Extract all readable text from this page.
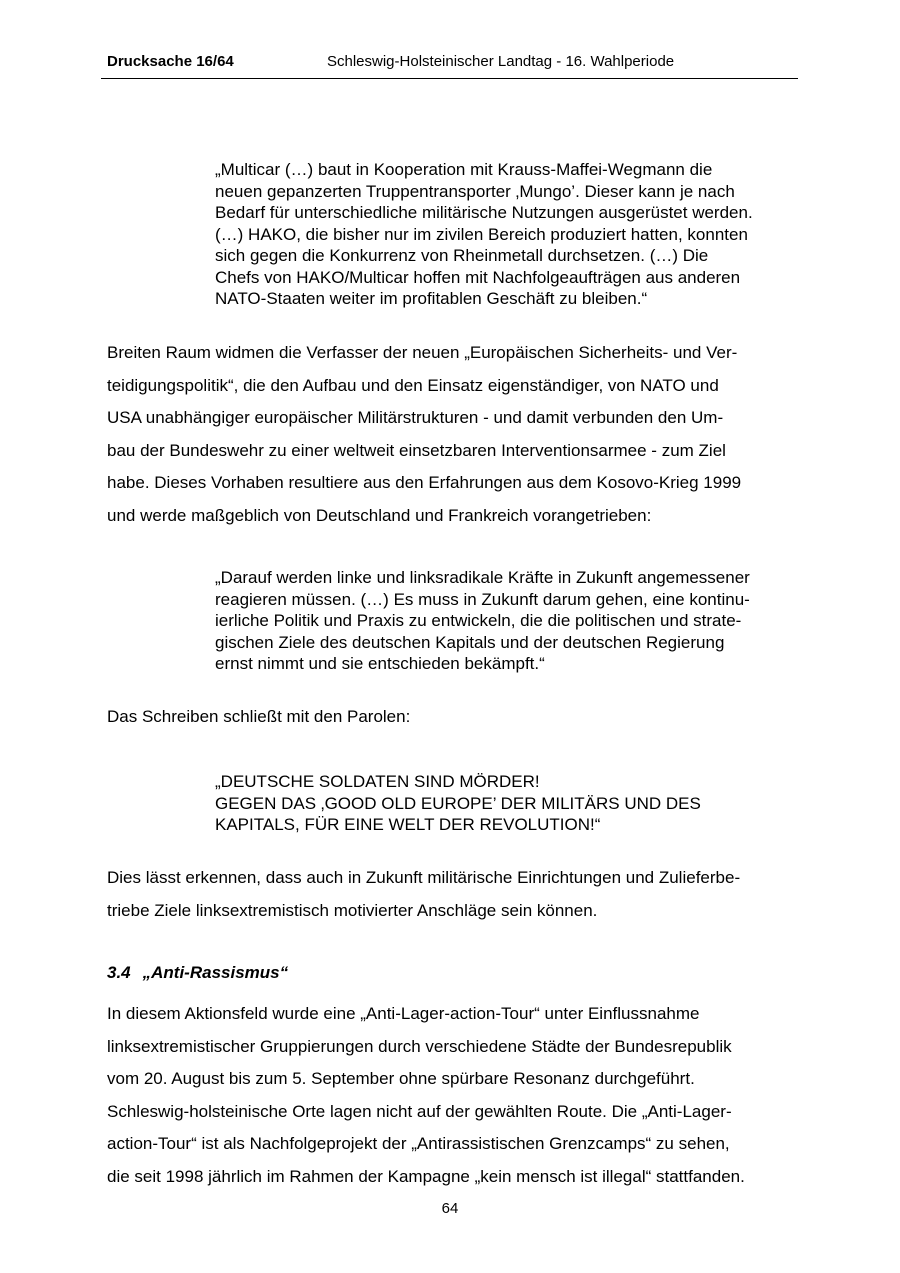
Drucksache 16/64	Schleswig-Holsteinischer Landtag - 16. Wahlperiode
„Multicar (…) baut in Kooperation mit Krauss-Maffei-Wegmann die
neuen gepanzerten Truppentransporter ‚Mungo’. Dieser kann je nach
Bedarf für unterschiedliche militärische Nutzungen ausgerüstet werden.
(…) HAKO, die bisher nur im zivilen Bereich produziert hatten, konnten
sich gegen die Konkurrenz von Rheinmetall durchsetzen. (…) Die
Chefs von HAKO/Multicar hoffen mit Nachfolgeaufträgen aus anderen
NATO-Staaten weiter im profitablen Geschäft zu bleiben.“
Breiten Raum widmen die Verfasser der neuen „Europäischen Sicherheits- und Ver-
teidigungspolitik“, die den Aufbau und den Einsatz eigenständiger, von NATO und
USA unabhängiger europäischer Militärstrukturen - und damit verbunden den Um-
bau der Bundeswehr zu einer weltweit einsetzbaren Interventionsarmee - zum Ziel
habe. Dieses Vorhaben resultiere aus den Erfahrungen aus dem Kosovo-Krieg 1999
und werde maßgeblich von Deutschland und Frankreich vorangetrieben:
„Darauf werden linke und linksradikale Kräfte in Zukunft angemessener
reagieren müssen. (…) Es muss in Zukunft darum gehen, eine kontinu-
ierliche Politik und Praxis zu entwickeln, die die politischen und strate-
gischen Ziele des deutschen Kapitals und der deutschen Regierung
ernst nimmt und sie entschieden bekämpft.“
Das Schreiben schließt mit den Parolen:
„DEUTSCHE SOLDATEN SIND MÖRDER!
GEGEN DAS ‚GOOD OLD EUROPE’ DER MILITÄRS UND DES
KAPITALS, FÜR EINE WELT DER REVOLUTION!“
Dies lässt erkennen, dass auch in Zukunft militärische Einrichtungen und Zulieferbe-
triebe Ziele linksextremistisch motivierter Anschläge sein können.
3.4 „Anti-Rassismus“
In diesem Aktionsfeld wurde eine „Anti-Lager-action-Tour“ unter Einflussnahme
linksextremistischer Gruppierungen durch verschiedene Städte der Bundesrepublik
vom 20. August bis zum 5. September ohne spürbare Resonanz durchgeführt.
Schleswig-holsteinische Orte lagen nicht auf der gewählten Route. Die „Anti-Lager-
action-Tour“ ist als Nachfolgeprojekt der „Antirassistischen Grenzcamps“ zu sehen,
die seit 1998 jährlich im Rahmen der Kampagne „kein mensch ist illegal“ stattfanden.
64
